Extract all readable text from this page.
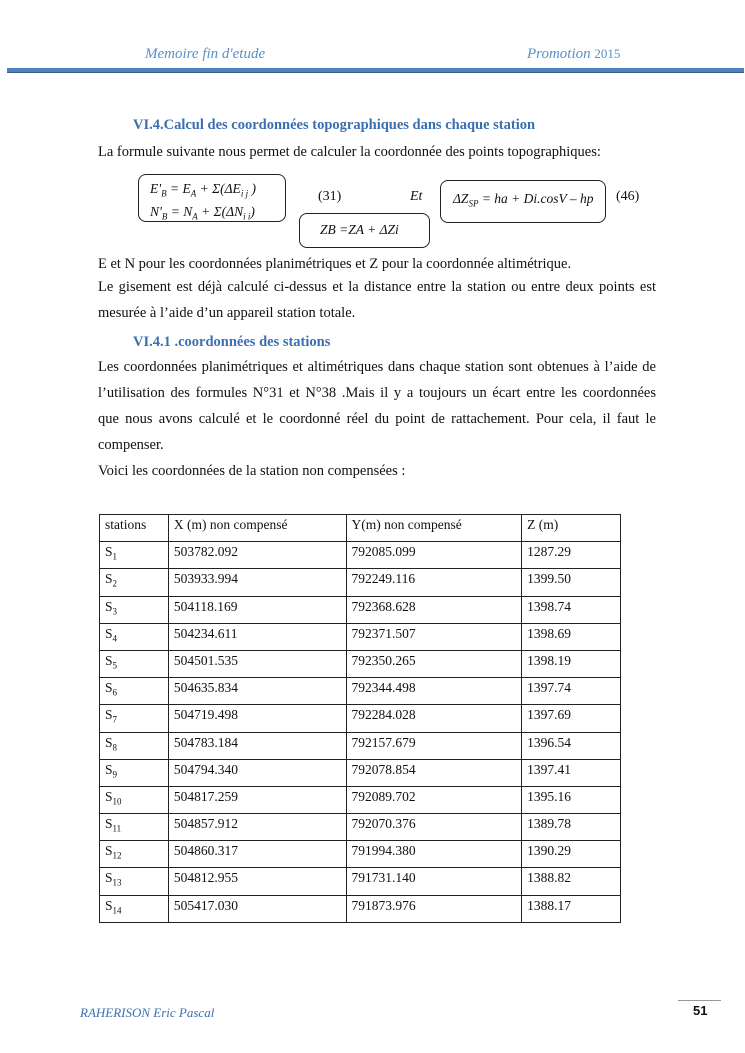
Memoire fin d'etude	Promotion 2015
VI.4.Calcul des coordonnées topographiques dans chaque station
La formule suivante nous permet de calculer la coordonnée des points topographiques:
$E'_B = E_A + \Sigma(\Delta E_{i j}$ )
$N'_B = N_A + \Sigma(\Delta N_{i i})$
(31)	Et	$\Delta Z_{SP}$ = ha + Di.cosV – hp	(46)
ZB =ZA + ΔZi
E et N pour les coordonnées planimétriques et Z pour la coordonnée altimétrique.
Le gisement est déjà calculé ci-dessus et la distance entre la station ou entre deux points est
mesurée à l’aide d’un appareil station totale.
VI.4.1 .coordonnées des stations
Les coordonnées planimétriques et altimétriques dans chaque station sont obtenues à l’aide de
l’utilisation des formules N°31 et N°38 .Mais il y a toujours un écart entre les coordonnées
que nous avons calculé et le coordonné réel du point de rattachement. Pour cela, il faut le
compenser.
Voici les coordonnées de la station non compensées :
stations	X (m) non compensé	Y(m) non compensé	Z (m)
$S_1$	503782.092	792085.099	1287.29
$S_2$	503933.994	792249.116	1399.50
$S_3$	504118.169	792368.628	1398.74
$S_4$	504234.611	792371.507	1398.69
$S_5$	504501.535	792350.265	1398.19
$S_6$	504635.834	792344.498	1397.74
$S_7$	504719.498	792284.028	1397.69
$S_8$	504783.184	792157.679	1396.54
$S_9$	504794.340	792078.854	1397.41
$S_{10}$	504817.259	792089.702	1395.16
$S_{11}$	504857.912	792070.376	1389.78
$S_{12}$	504860.317	791994.380	1390.29
$S_{13}$	504812.955	791731.140	1388.82
$S_{14}$	505417.030	791873.976	1388.17
RAHERISON Eric Pascal	51
